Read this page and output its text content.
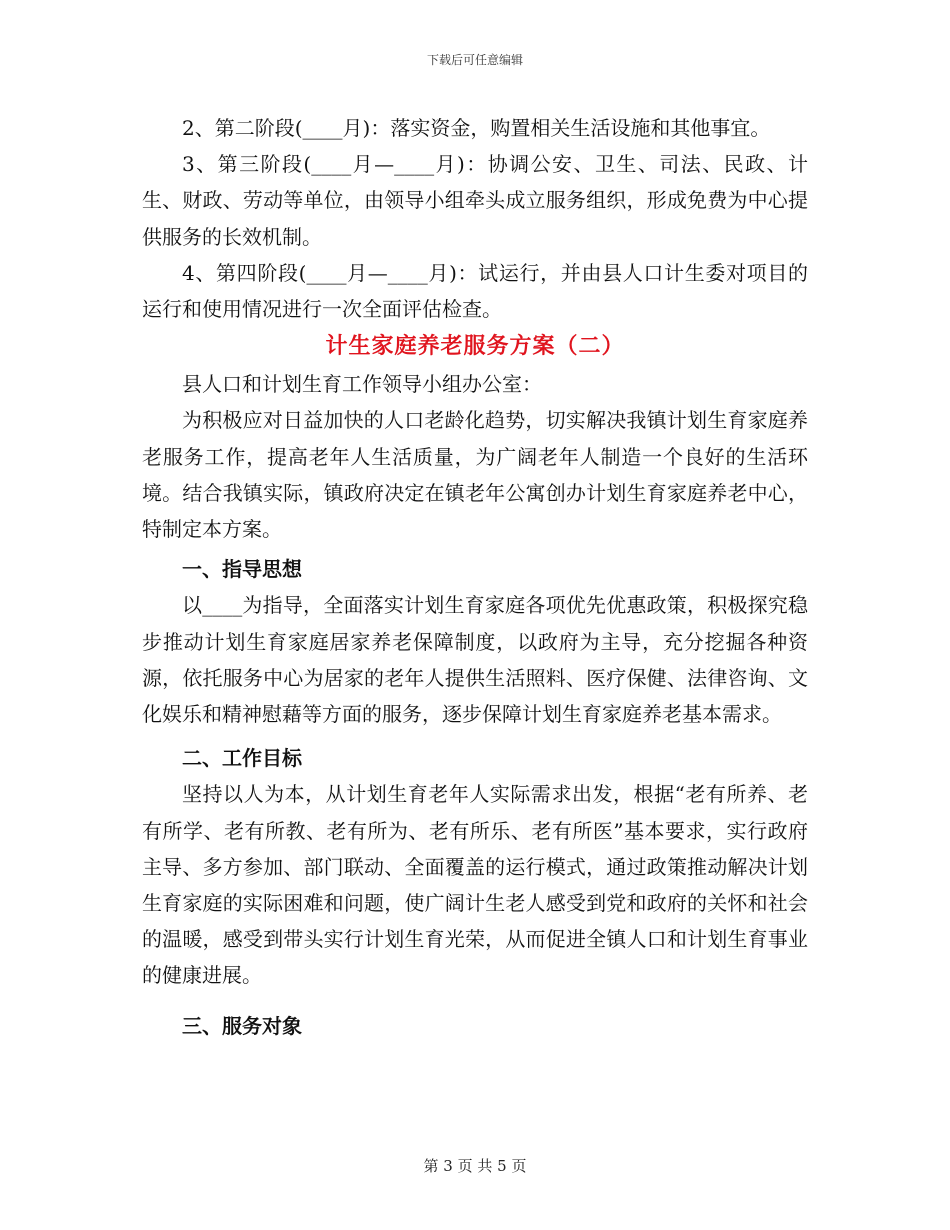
下载后可任意编辑

2、第二阶段(____月)：落实资金，购置相关生活设施和其他事宜。

3、第三阶段(____月—____月)：协调公安、卫生、司法、民政、计生、财政、劳动等单位，由领导小组牵头成立服务组织，形成免费为中心提供服务的长效机制。

4、第四阶段(____月—____月)：试运行，并由县人口计生委对项目的运行和使用情况进行一次全面评估检查。

计生家庭养老服务方案（二）

县人口和计划生育工作领导小组办公室：

为积极应对日益加快的人口老龄化趋势，切实解决我镇计划生育家庭养老服务工作，提高老年人生活质量，为广阔老年人制造一个良好的生活环境。结合我镇实际，镇政府决定在镇老年公寓创办计划生育家庭养老中心，特制定本方案。

一、指导思想

以____为指导，全面落实计划生育家庭各项优先优惠政策，积极探究稳步推动计划生育家庭居家养老保障制度，以政府为主导，充分挖掘各种资源，依托服务中心为居家的老年人提供生活照料、医疗保健、法律咨询、文化娱乐和精神慰藉等方面的服务，逐步保障计划生育家庭养老基本需求。

二、工作目标

坚持以人为本，从计划生育老年人实际需求出发，根据“老有所养、老有所学、老有所教、老有所为、老有所乐、老有所医”基本要求，实行政府主导、多方参加、部门联动、全面覆盖的运行模式，通过政策推动解决计划生育家庭的实际困难和问题，使广阔计生老人感受到党和政府的关怀和社会的温暖，感受到带头实行计划生育光荣，从而促进全镇人口和计划生育事业的健康进展。

三、服务对象
第 3 页 共 5 页
